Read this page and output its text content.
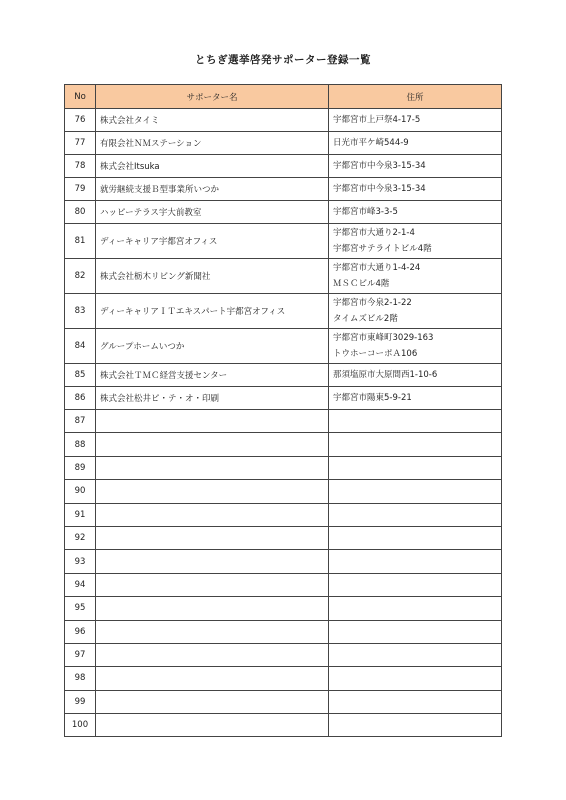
とちぎ選挙啓発サポーター登録一覧
No	サポーター名	住所
76	株式会社タイミ	宇都宮市上戸祭4-17-5

77	有限会社ＮＭステーション	日光市平ケ崎544-9

78	株式会社Itsuka	宇都宮市中今泉3-15-34

79	就労継続支援Ｂ型事業所いつか	宇都宮市中今泉3-15-34

80	ハッピーテラス宇大前教室	宇都宮市峰3-3-5

81	ディーキャリア宇都宮オフィス	宇都宮市大通り2-1-4
宇都宮サテライトビル4階

82	株式会社栃木リビング新聞社	宇都宮市大通り1-4-24
ＭＳＣビル4階

83	ディーキャリアＩＴエキスパート宇都宮オフィス	宇都宮市今泉2-1-22
タイムズビル2階

84	グループホームいつか	宇都宮市東峰町3029-163
トウホーコーポＡ106

85	株式会社ＴＭＣ経営支援センター	那須塩原市大原間西1-10-6

86	株式会社松井ピ・テ・オ・印刷	宇都宮市陽東5-9-21

87		
88		
89		
90		
91		
92		
93		
94		
95		
96		
97		
98		
99		
100		
